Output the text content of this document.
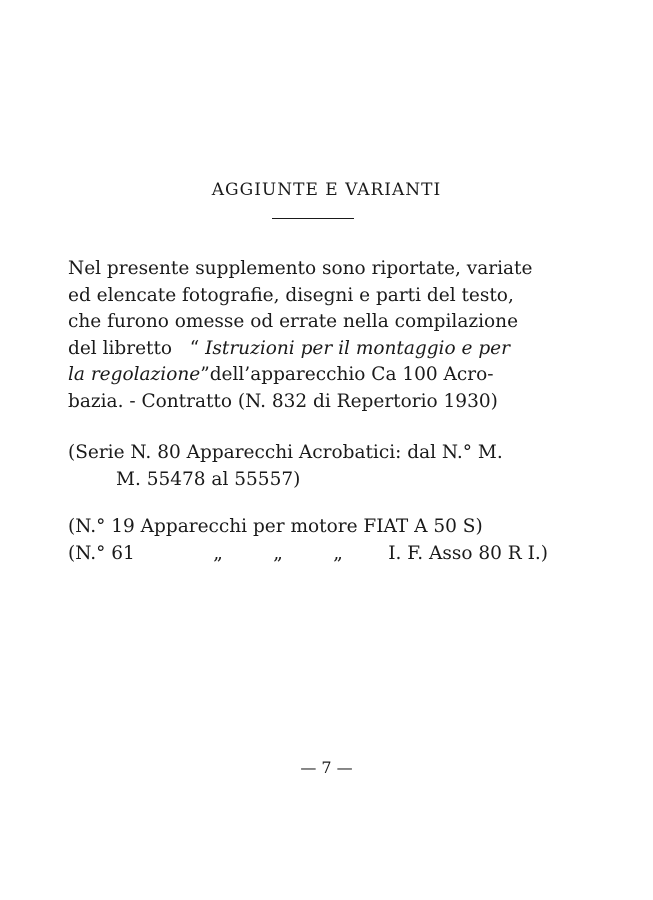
AGGIUNTE E VARIANTI
Nel presente supplemento sono riportate, variate
ed elencate fotografie, disegni e parti del testo,
che furono omesse od errate nella compilazione
del libretto
“
Istruzioni per il montaggio e per
la regolazione ” dell’apparecchio Ca 100 Acro-
bazia. - Contratto (N. 832 di Repertorio 1930)
(Serie N. 80 Apparecchi Acrobatici: dal N.° M.
M. 55478 al 55557)
(N.° 19 Apparecchi per motore FIAT A 50 S)
(N.° 61	„	„	„	I. F. Asso 80 R I.)
— 7 —
